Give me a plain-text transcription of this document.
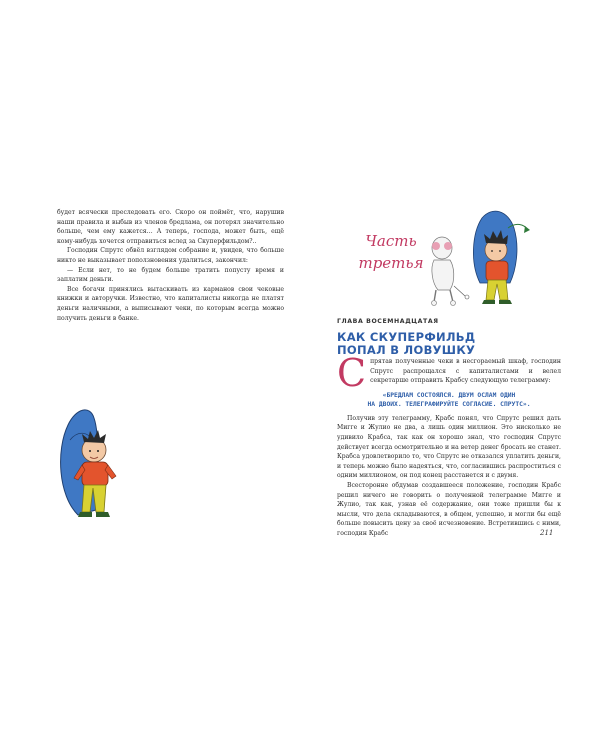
будет всячески преследовать его. Скоро он поймёт, что, нарушив наши правила и выбыв из членов бредлама, он потерял значительно больше, чем ему кажется… А теперь, господа, может быть, ещё кому-нибудь хочется отправиться вслед за Скуперфильдом?..

Господин Спрутс обвёл взглядом собрание и, увидев, что больше никто не выказывает поползновения удалиться, закончил:

— Если нет, то не будем больше тратить попусту время и заплатим деньги.

Все богачи принялись вытаскивать из карманов свои чековые книжки и авторучки. Известно, что капиталисты никогда не платят деньги наличными, а выписывают чеки, по которым всегда можно получить деньги в банке.

Часть
третья
ГЛАВА ВОСЕМНАДЦАТАЯ
КАК СКУПЕРФИЛЬД
ПОПАЛ В ЛОВУШКУ

С прятав полученные чеки в несгораемый шкаф, господин Спрутс распрощался с капиталистами и велел секретарше отправить Крабсу следующую телеграмму:

«БРЕДЛАМ СОСТОЯЛСЯ. ДВУМ ОСЛАМ ОДИН
НА ДВОИХ. ТЕЛЕГРАФИРУЙТЕ СОГЛАСИЕ. СПРУТС».

Получив эту телеграмму, Крабс понял, что Спрутс решил дать Мигге и Жулио не два, а лишь один миллион. Это нисколько не удивило Крабса, так как он хорошо знал, что господин Спрутс действует всегда осмотрительно и на ветер денег бросать не станет. Крабса удовлетворило то, что Спрутс не отказался уплатить деньги, и теперь можно было надеяться, что, согласившись распроститься с одним миллионом, он под конец расстанется и с двумя.

Всесторонне обдумав создавшееся положение, господин Крабс решил ничего не говорить о полученной телеграмме Мигге и Жулио, так как, узнав её содержание, они тоже пришли бы к мысли, что дела складываются, в общем, успешно, и могли бы ещё больше повысить цену за своё исчезновение. Встретившись с ними, господин Крабс	211
